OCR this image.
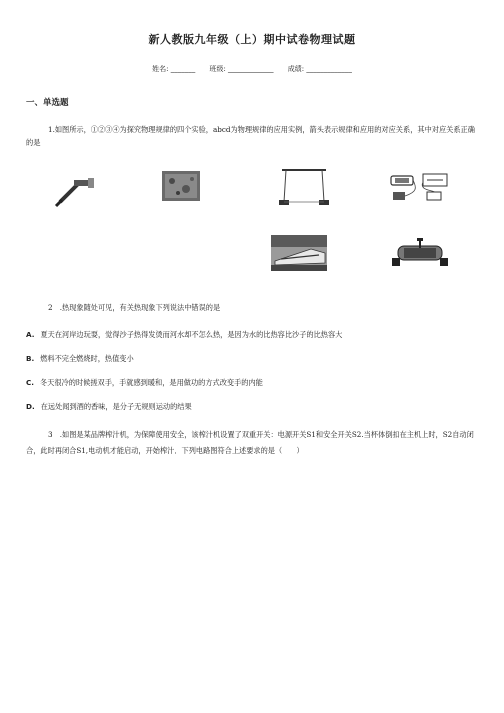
新人教版九年级（上）期中试卷物理试题
姓名: _______ 班级: _____________ 成绩: _____________
一、单选题
1.如图所示，①②③④为探究物理规律的四个实验，abcd为物理规律的应用实例，箭头表示规律和应用的对应关系，其中对应关系正确的是
2　.热现象随处可见，有关热现象下列说法中错误的是
A. 夏天在河岸边玩耍，觉得沙子热得发烫而河水却不怎么热，是因为水的比热容比沙子的比热容大
B. 燃料不完全燃烧时，热值变小
C. 冬天很冷的时候搓双手，手就感到暖和，是用做功的方式改变手的内能
D. 在远处闻到酒的香味，是分子无规则运动的结果
3　.如图是某品牌榨汁机，为保障使用安全，该榨汁机设置了双重开关：电源开关S1和安全开关S2.当杯体倒扣在主机上时，S2自动闭合，此时再闭合S1,电动机才能启动，开始榨汁．下列电路图符合上述要求的是（　　）
